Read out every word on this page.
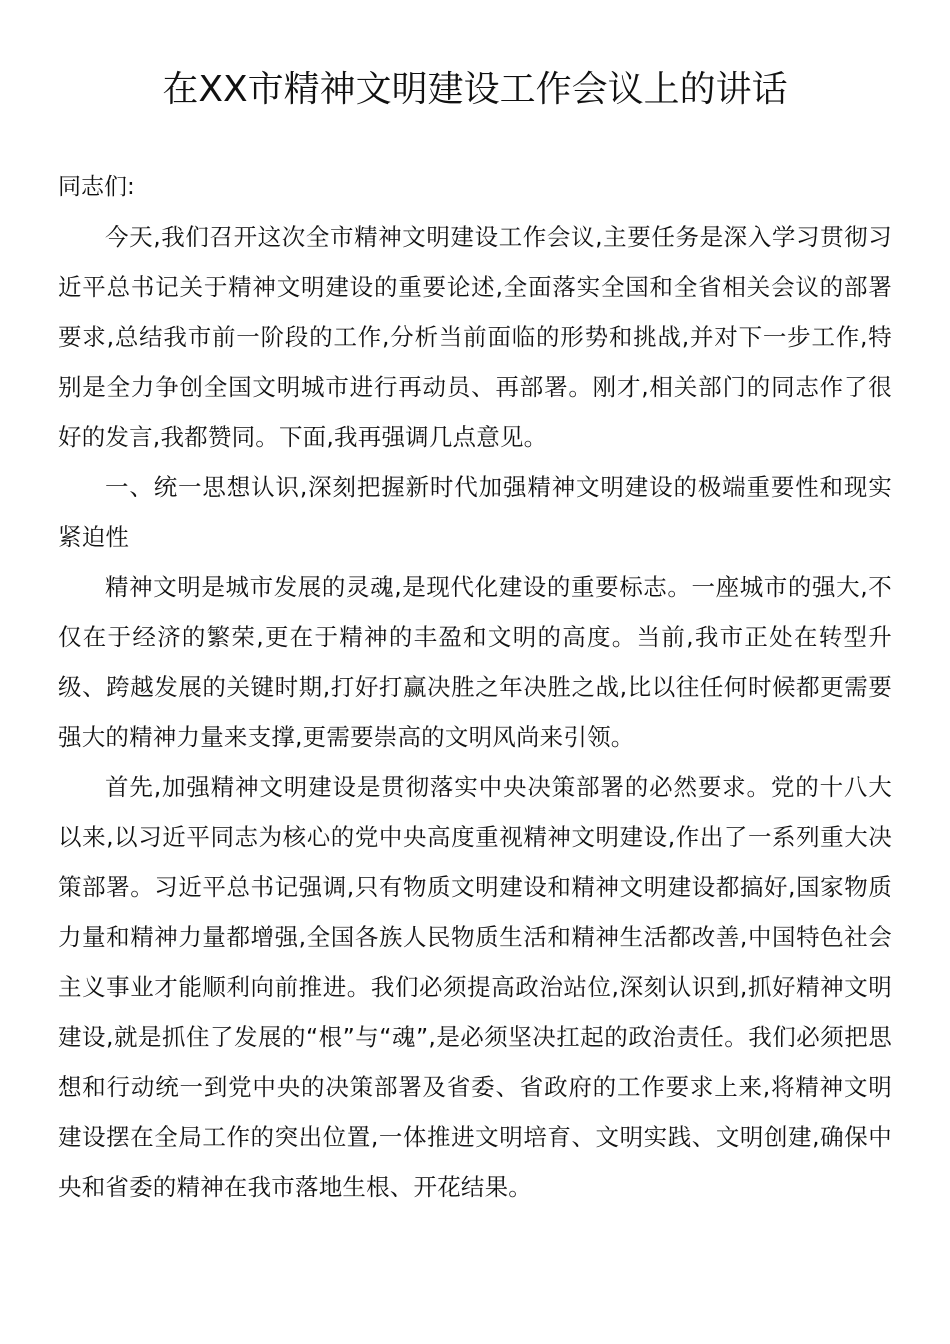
在XX市精神文明建设工作会议上的讲话

同志们:

今天,我们召开这次全市精神文明建设工作会议,主要任务是深入学习贯彻习近平总书记关于精神文明建设的重要论述,全面落实全国和全省相关会议的部署要求,总结我市前一阶段的工作,分析当前面临的形势和挑战,并对下一步工作,特别是全力争创全国文明城市进行再动员、再部署。刚才,相关部门的同志作了很好的发言,我都赞同。下面,我再强调几点意见。

一、统一思想认识,深刻把握新时代加强精神文明建设的极端重要性和现实紧迫性

精神文明是城市发展的灵魂,是现代化建设的重要标志。一座城市的强大,不仅在于经济的繁荣,更在于精神的丰盈和文明的高度。当前,我市正处在转型升级、跨越发展的关键时期,打好打赢决胜之年决胜之战,比以往任何时候都更需要强大的精神力量来支撑,更需要崇高的文明风尚来引领。

首先,加强精神文明建设是贯彻落实中央决策部署的必然要求。党的十八大以来,以习近平同志为核心的党中央高度重视精神文明建设,作出了一系列重大决策部署。习近平总书记强调,只有物质文明建设和精神文明建设都搞好,国家物质力量和精神力量都增强,全国各族人民物质生活和精神生活都改善,中国特色社会主义事业才能顺利向前推进。我们必须提高政治站位,深刻认识到,抓好精神文明建设,就是抓住了发展的“根”与“魂”,是必须坚决扛起的政治责任。我们必须把思想和行动统一到党中央的决策部署及省委、省政府的工作要求上来,将精神文明建设摆在全局工作的突出位置,一体推进文明培育、文明实践、文明创建,确保中央和省委的精神在我市落地生根、开花结果。
